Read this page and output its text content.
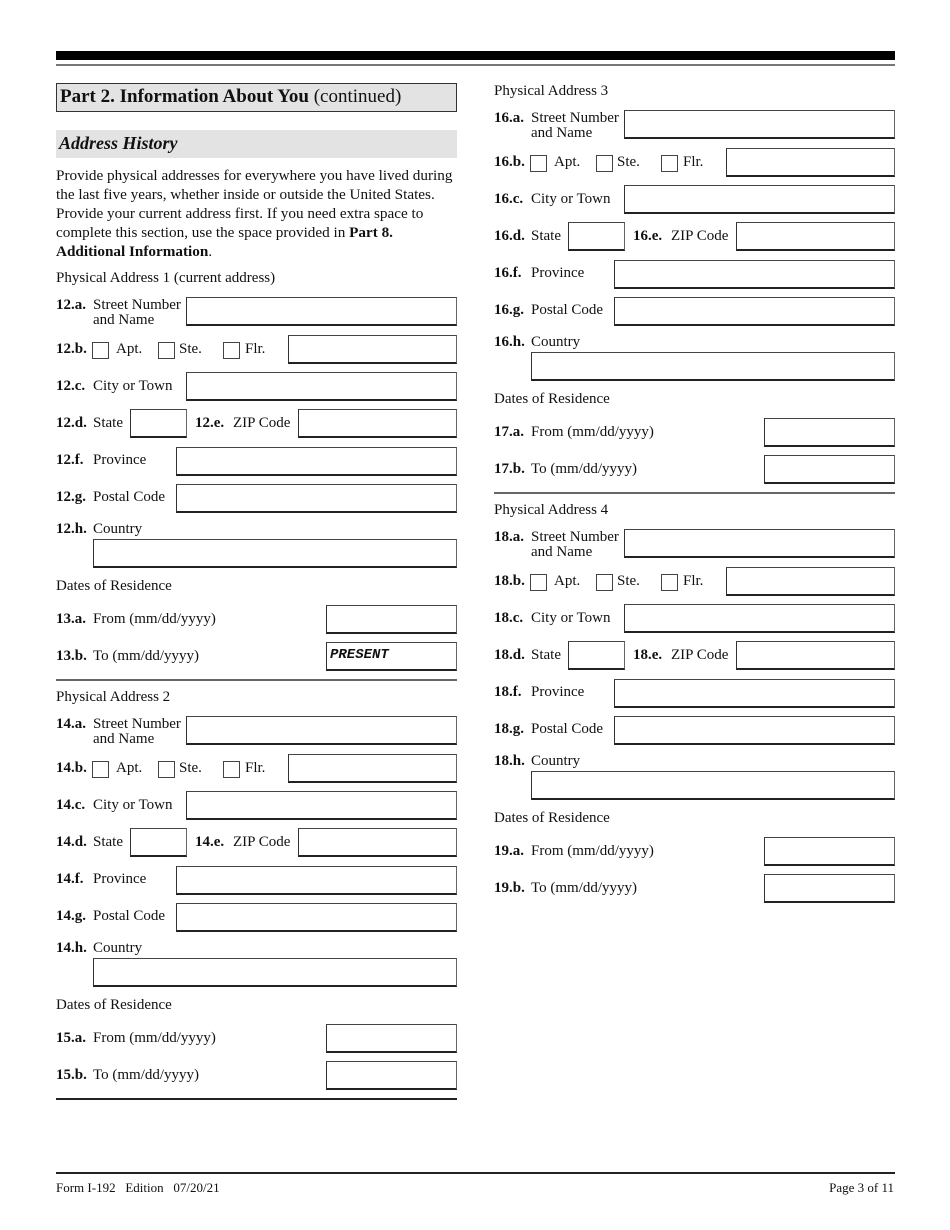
Part 2. Information About You (continued)
Address History
Provide physical addresses for everywhere you have lived during the last five years, whether inside or outside the United States. Provide your current address first. If you need extra space to complete this section, use the space provided in Part 8. Additional Information.
Physical Address 1 (current address)
12.a. Street Number
and Name
12.b. Apt. Ste.	Flr.
12.c. City or Town
12.d. State	12.e. ZIP Code
12.f. Province
12.g. Postal Code
12.h. Country
Dates of Residence
13.a. From (mm/dd/yyyy)
13.b. To (mm/dd/yyyy)	PRESENT
Physical Address 2
14.a. Street Number
and Name
14.b. Apt. Ste.	Flr.
14.c. City or Town
14.d. State	14.e. ZIP Code
14.f. Province
14.g. Postal Code
14.h. Country
Dates of Residence
15.a. From (mm/dd/yyyy)
15.b. To (mm/dd/yyyy)
Physical Address 3
16.a. Street Number
and Name
16.b. Apt. Ste.	Flr.
16.c. City or Town
16.d. State	16.e. ZIP Code
16.f. Province
16.g. Postal Code
16.h. Country
Dates of Residence
17.a. From (mm/dd/yyyy)
17.b. To (mm/dd/yyyy)
Physical Address 4
18.a. Street Number
and Name
18.b. Apt. Ste.	Flr.
18.c. City or Town
18.d. State	18.e. ZIP Code
18.f. Province
18.g. Postal Code
18.h. Country
Dates of Residence
19.a. From (mm/dd/yyyy)
19.b. To (mm/dd/yyyy)
Form I-192   Edition   07/20/21	Page 3 of 11
